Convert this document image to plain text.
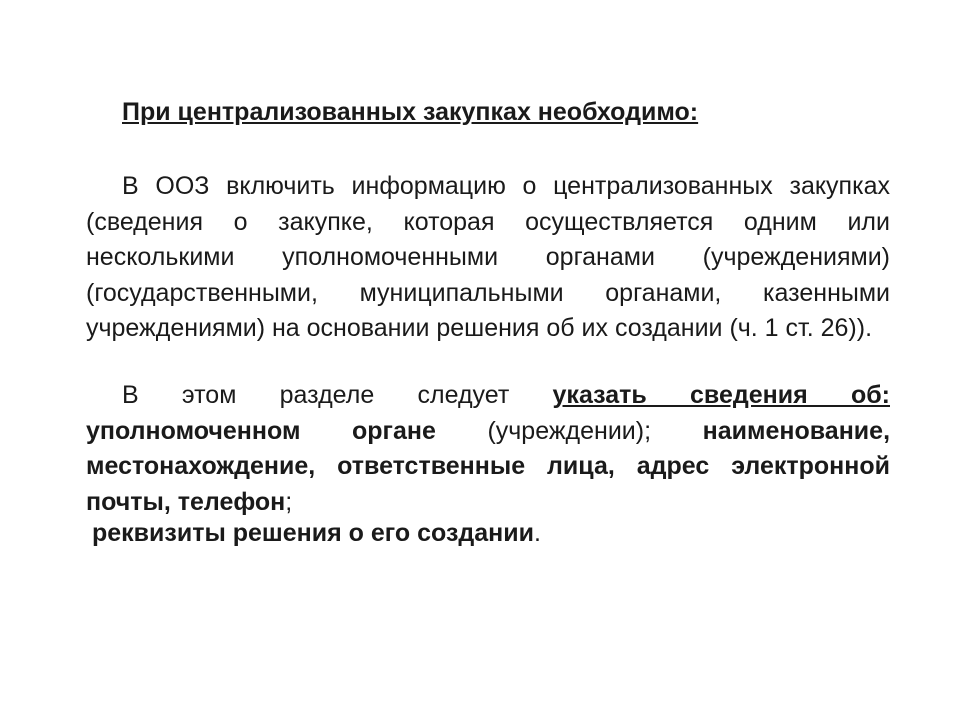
При централизованных закупках необходимо:

В ООЗ включить информацию о централизованных закупках (сведения о закупке, которая осуществляется одним или несколькими уполномоченными органами (учреждениями) (государственными, муниципальными органами, казенными учреждениями) на основании решения об их создании (ч. 1 ст. 26)).

В этом разделе следует указать сведения об: уполномоченном органе (учреждении); наименование, местонахождение, ответственные лица, адрес электронной почты, телефон;

реквизиты решения о его создании.
